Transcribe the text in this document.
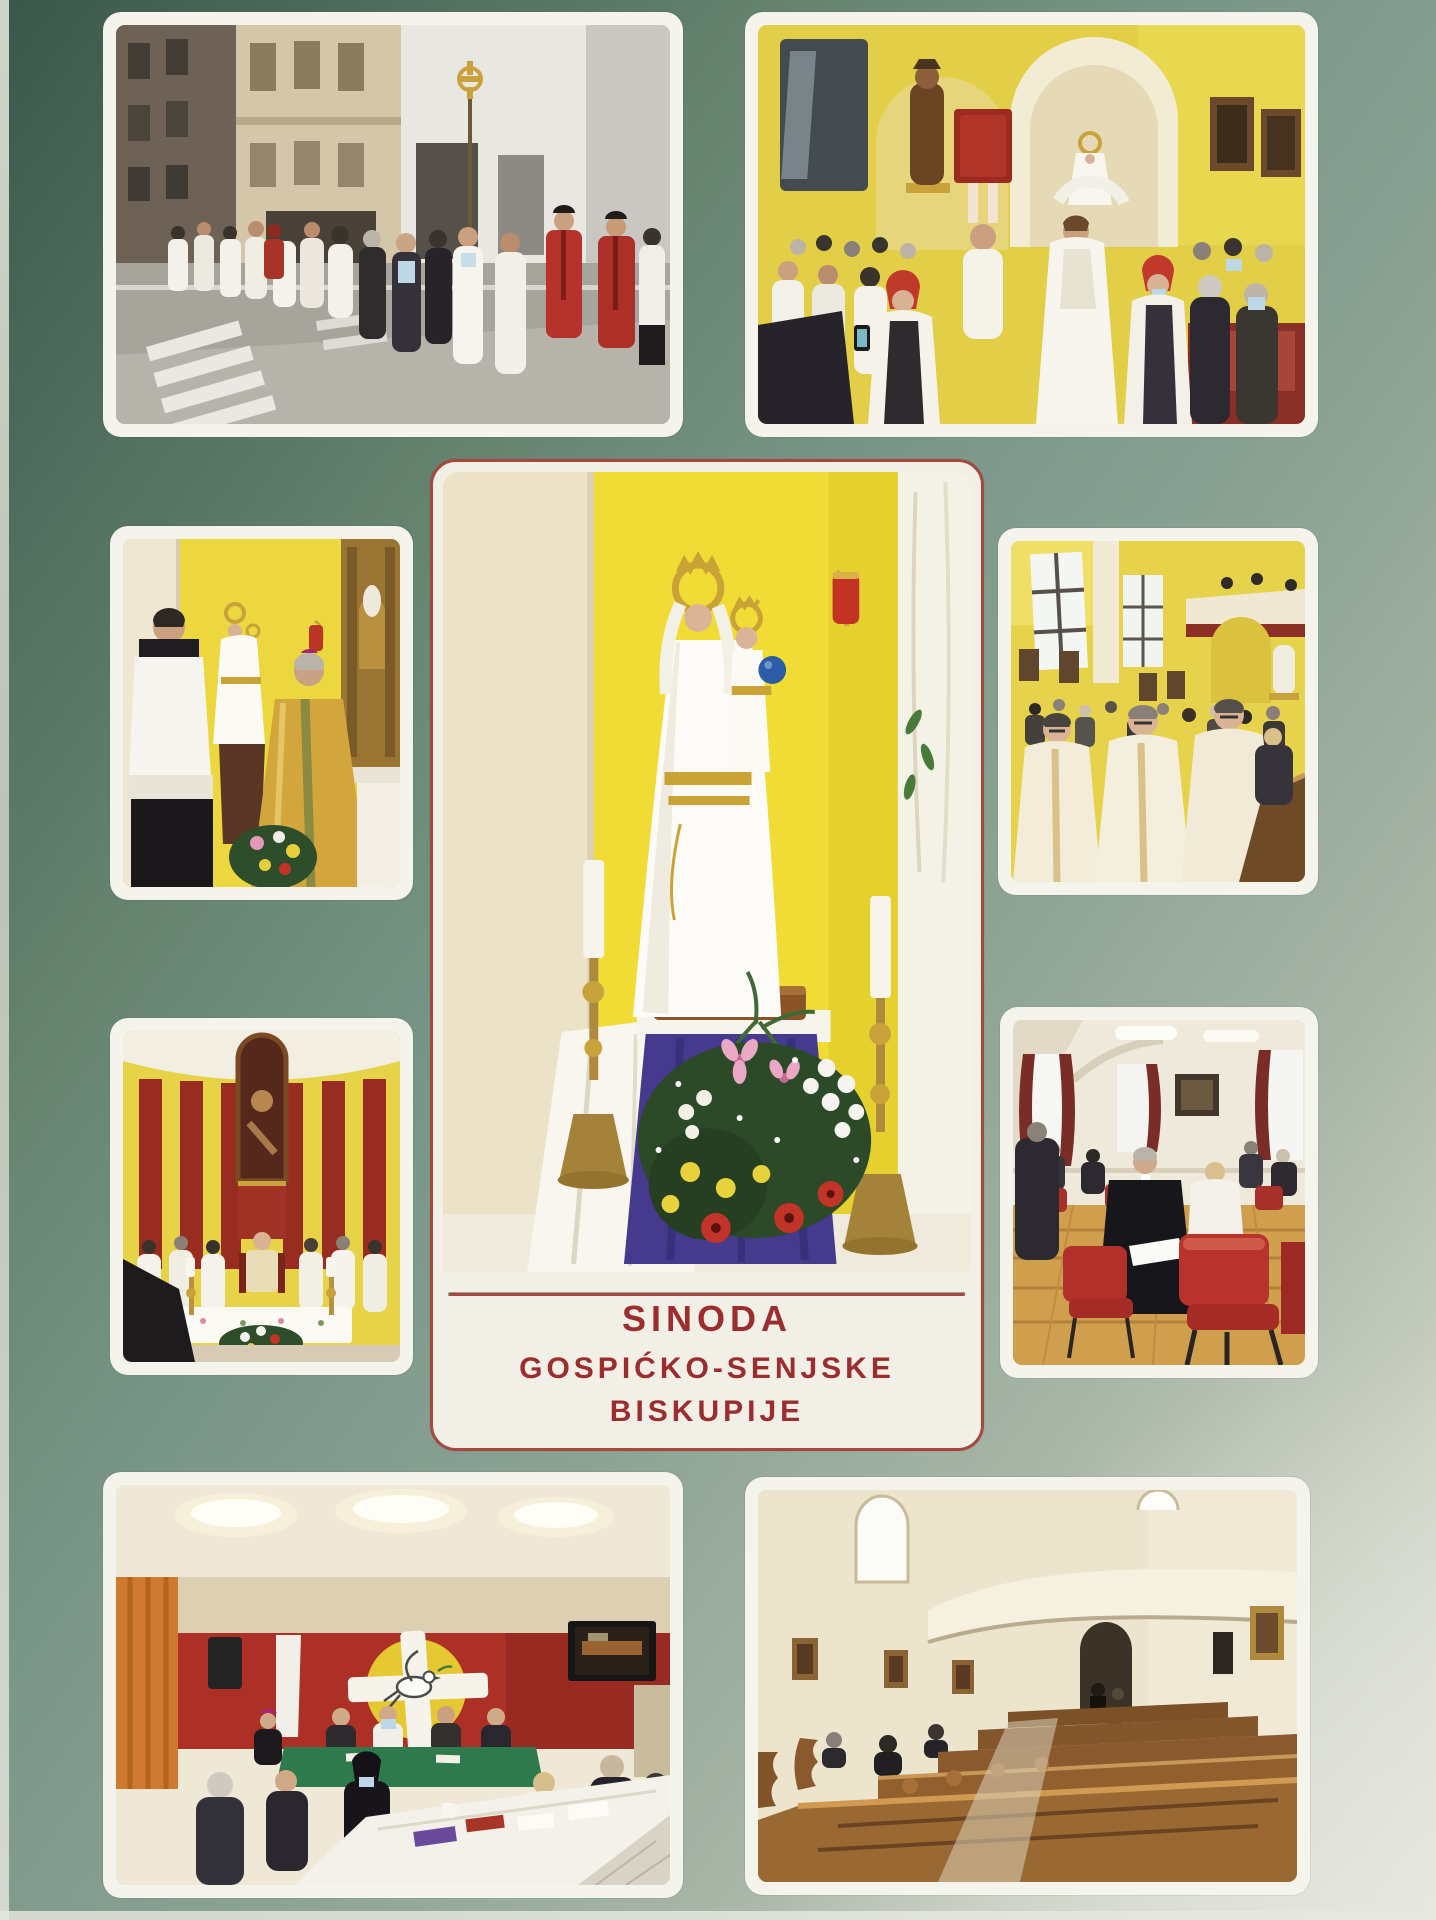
SINODA
GOSPIĆKO-SENJSKE
BISKUPIJE
